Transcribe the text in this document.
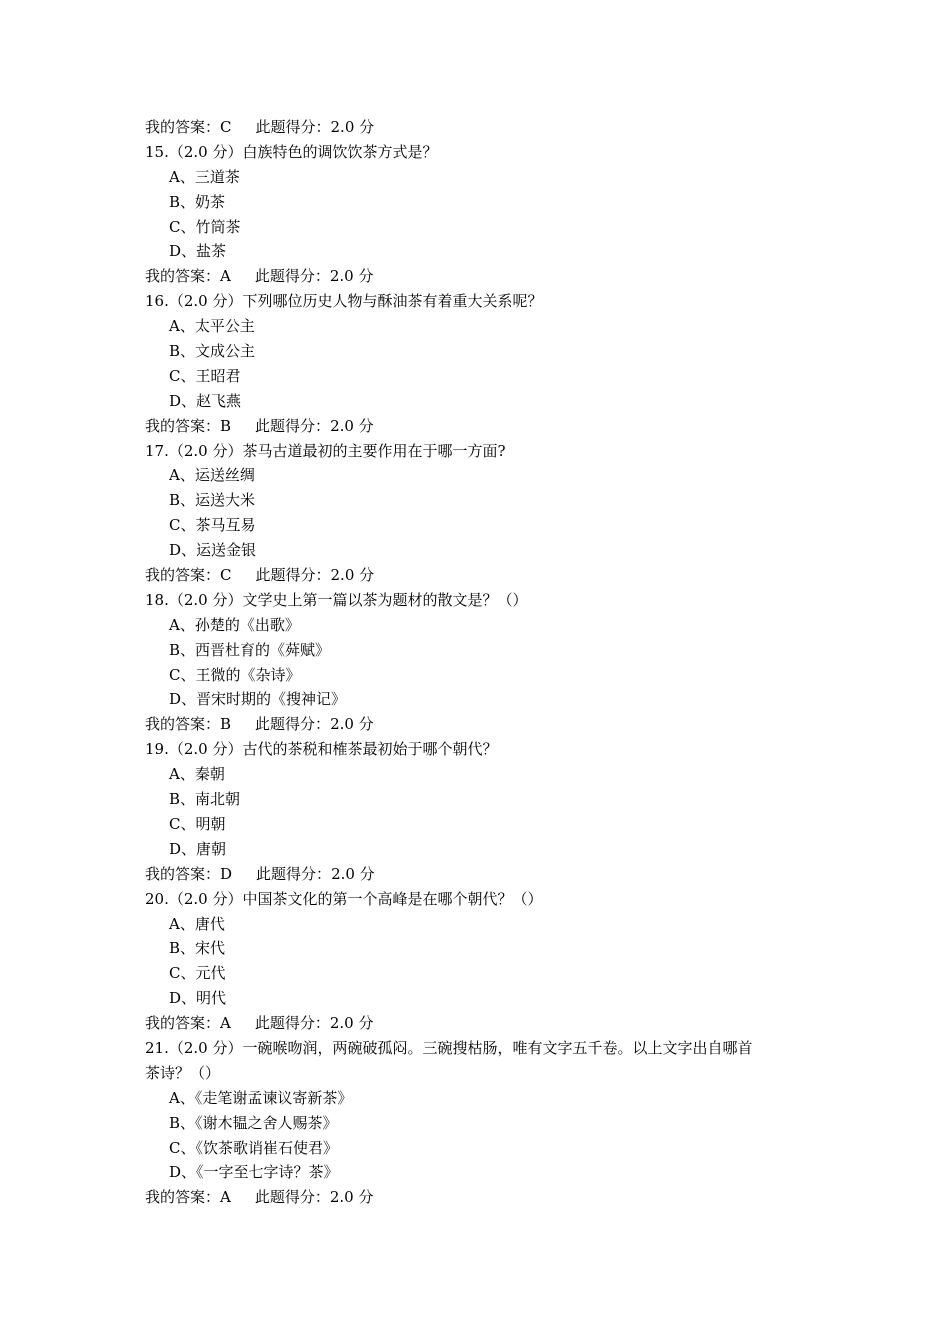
我的答案：C 此题得分：2.0 分
15.（2.0 分）白族特色的调饮饮茶方式是？
A、三道茶
B、奶茶
C、竹筒茶
D、盐茶
我的答案：A 此题得分：2.0 分
16.（2.0 分）下列哪位历史人物与酥油茶有着重大关系呢？
A、太平公主
B、文成公主
C、王昭君
D、赵飞燕
我的答案：B 此题得分：2.0 分
17.（2.0 分）茶马古道最初的主要作用在于哪一方面?
A、运送丝绸
B、运送大米
C、茶马互易
D、运送金银
我的答案：C 此题得分：2.0 分
18.（2.0 分）文学史上第一篇以茶为题材的散文是？（）
A、孙楚的《出歌》
B、西晋杜育的《荈赋》
C、王微的《杂诗》
D、晋宋时期的《搜神记》
我的答案：B 此题得分：2.0 分
19.（2.0 分）古代的茶税和榷茶最初始于哪个朝代？
A、秦朝
B、南北朝
C、明朝
D、唐朝
我的答案：D 此题得分：2.0 分
20.（2.0 分）中国茶文化的第一个高峰是在哪个朝代？（）
A、唐代
B、宋代
C、元代
D、明代
我的答案：A 此题得分：2.0 分
21.（2.0 分）一碗喉吻润，两碗破孤闷。三碗搜枯肠，唯有文字五千卷。以上文字出自哪首
茶诗？（）
A、《走笔谢孟谏议寄新茶》
B、《谢木韫之舍人赐茶》
C、《饮茶歌诮崔石使君》
D、《一字至七字诗？茶》
我的答案：A 此题得分：2.0 分
